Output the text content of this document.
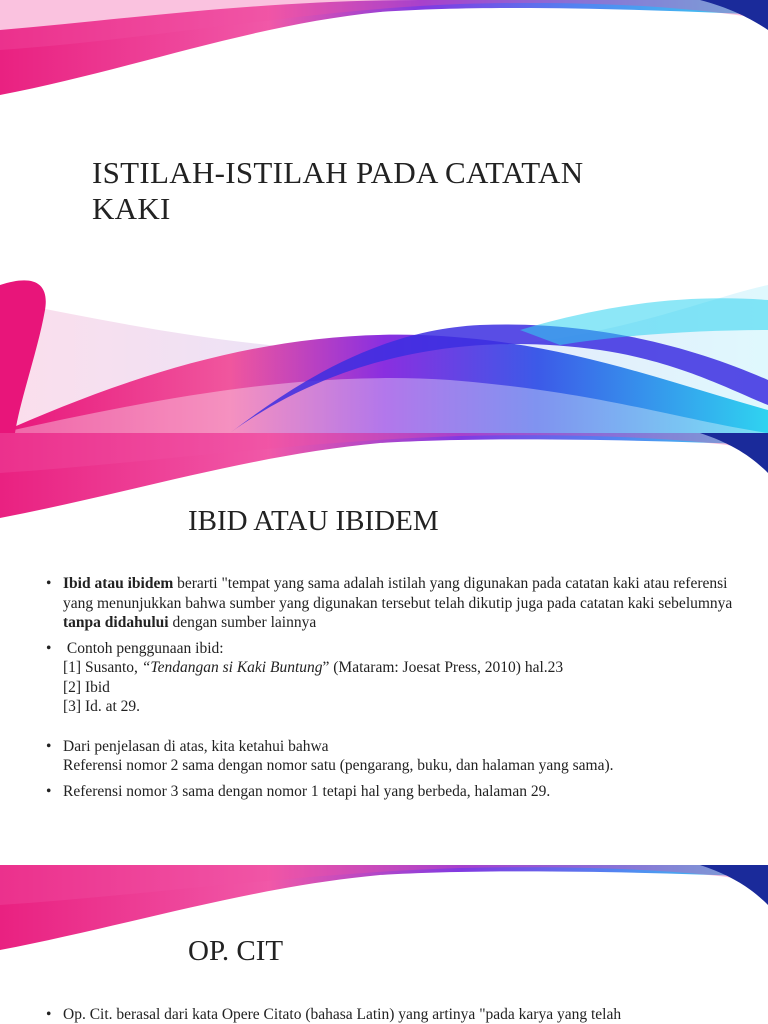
ISTILAH-ISTILAH PADA CATATAN
KAKI
IBID ATAU IBIDEM
• Ibid atau ibidem berarti "tempat yang sama adalah istilah yang digunakan pada catatan kaki atau referensi yang menunjukkan bahwa sumber yang digunakan tersebut telah dikutip juga pada catatan kaki sebelumnya tanpa didahului dengan sumber lainnya
• Contoh penggunaan ibid:
[1] Susanto, “Tendangan si Kaki Buntung” (Mataram: Joesat Press, 2010) hal.23
[2] Ibid
[3] Id. at 29.
• Dari penjelasan di atas, kita ketahui bahwa
Referensi nomor 2 sama dengan nomor satu (pengarang, buku, dan halaman yang sama).
• Referensi nomor 3 sama dengan nomor 1 tetapi hal yang berbeda, halaman 29.
OP. CIT
• Op. Cit. berasal dari kata Opere Citato (bahasa Latin) yang artinya "pada karya yang telah
